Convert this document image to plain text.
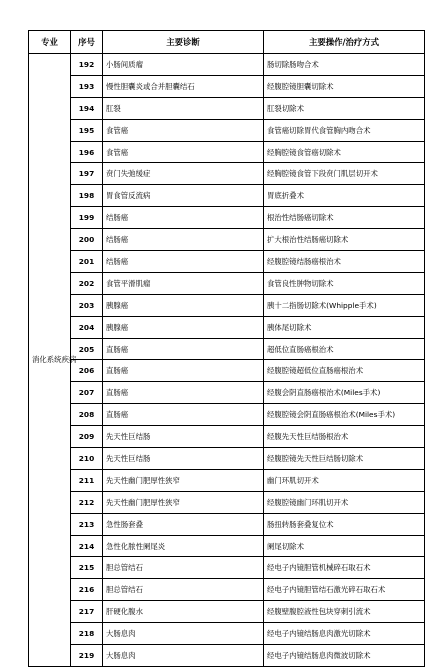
专业	序号	主要诊断	主要操作/治疗方式
消化系统疾病	192	小肠间质瘤	肠切除肠吻合术
	193	慢性胆囊炎或合并胆囊结石	经腹腔镜胆囊切除术
	194	肛裂	肛裂切除术
	195	食管癌	食管癌切除胃代食管胸内吻合术
	196	食管癌	经胸腔镜食管癌切除术
	197	贲门失弛缓症	经胸腔镜食管下段贲门肌层切开术
	198	胃食管反流病	胃底折叠术
	199	结肠癌	根治性结肠癌切除术
	200	结肠癌	扩大根治性结肠癌切除术
	201	结肠癌	经腹腔镜结肠癌根治术
	202	食管平滑肌瘤	食管良性肿物切除术
	203	胰腺癌	胰十二指肠切除术(Whipple手术)
	204	胰腺癌	胰体尾切除术
	205	直肠癌	超低位直肠癌根治术
	206	直肠癌	经腹腔镜超低位直肠癌根治术
	207	直肠癌	经腹会阴直肠癌根治术(Miles手术)
	208	直肠癌	经腹腔镜会阴直肠癌根治术(Miles手术)
	209	先天性巨结肠	经腹先天性巨结肠根治术
	210	先天性巨结肠	经腹腔镜先天性巨结肠切除术
	211	先天性幽门肥厚性狭窄	幽门环肌切开术
	212	先天性幽门肥厚性狭窄	经腹腔镜幽门环肌切开术
	213	急性肠套叠	肠扭转肠套叠复位术
	214	急性化脓性阑尾炎	阑尾切除术
	215	胆总管结石	经电子内镜胆管机械碎石取石术
	216	胆总管结石	经电子内镜胆管结石激光碎石取石术
	217	肝硬化腹水	经腹壁腹腔液性包块穿刺引流术
	218	大肠息肉	经电子内镜结肠息肉激光切除术
	219	大肠息肉	经电子内镜结肠息肉微波切除术
